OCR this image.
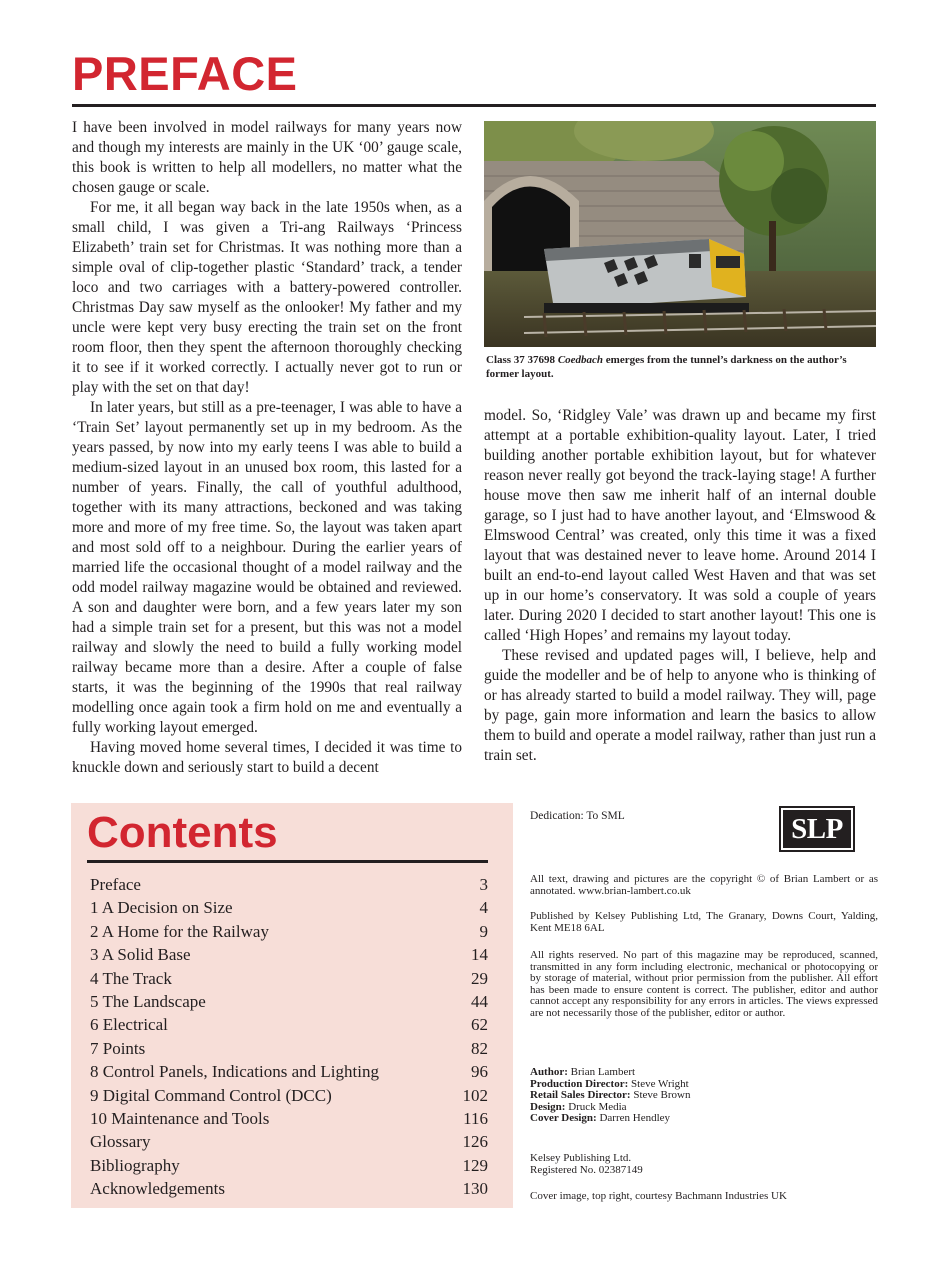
PREFACE

I have been involved in model railways for many years now and though my interests are mainly in the UK ‘00’ gauge scale, this book is written to help all modellers, no matter what the chosen gauge or scale.

For me, it all began way back in the late 1950s when, as a small child, I was given a Tri-ang Railways ‘Princess Elizabeth’ train set for Christmas. It was nothing more than a simple oval of clip-together plastic ‘Standard’ track, a tender loco and two carriages with a battery-powered controller. Christmas Day saw myself as the onlooker! My father and my uncle were kept very busy erecting the train set on the front room floor, then they spent the afternoon thoroughly checking it to see if it worked correctly. I actually never got to run or play with the set on that day!

In later years, but still as a pre-teenager, I was able to have a ‘Train Set’ layout permanently set up in my bedroom. As the years passed, by now into my early teens I was able to build a medium-sized layout in an unused box room, this lasted for a number of years. Finally, the call of youthful adulthood, together with its many attractions, beckoned and was taking more and more of my free time. So, the layout was taken apart and most sold off to a neighbour. During the earlier years of married life the occasional thought of a model railway and the odd model railway magazine would be obtained and reviewed. A son and daughter were born, and a few years later my son had a simple train set for a present, but this was not a model railway and slowly the need to build a fully working model railway became more than a desire. After a couple of false starts, it was the beginning of the 1990s that real railway modelling once again took a firm hold on me and eventually a fully working layout emerged.

Having moved home several times, I decided it was time to knuckle down and seriously start to build a decent

Class 37 37698 Coedbach emerges from the tunnel’s darkness on the author’s former layout.

model. So, ‘Ridgley Vale’ was drawn up and became my first attempt at a portable exhibition-quality layout. Later, I tried building another portable exhibition layout, but for whatever reason never really got beyond the track-laying stage! A further house move then saw me inherit half of an internal double garage, so I just had to have another layout, and ‘Elmswood & Elmswood Central’ was created, only this time it was a fixed layout that was destained never to leave home. Around 2014 I built an end-to-end layout called West Haven and that was set up in our home’s conservatory. It was sold a couple of years later. During 2020 I decided to start another layout! This one is called ‘High Hopes’ and remains my layout today.

These revised and updated pages will, I believe, help and guide the modeller and be of help to anyone who is thinking of or has already started to build a model railway. They will, page by page, gain more information and learn the basics to allow them to build and operate a model railway, rather than just run a train set.

Contents
Preface	3
1 A Decision on Size	4
2 A Home for the Railway	9
3 A Solid Base	14
4 The Track	29
5 The Landscape	44
6 Electrical	62
7 Points	82
8 Control Panels, Indications and Lighting	96
9 Digital Command Control (DCC)	102
10 Maintenance and Tools	116
Glossary	126
Bibliography	129
Acknowledgements	130
Dedication: To SML	SLP
All text, drawing and pictures are the copyright © of Brian Lambert or as annotated. www.brian-lambert.co.uk
Published by Kelsey Publishing Ltd, The Granary, Downs Court, Yalding, Kent ME18 6AL
All rights reserved. No part of this magazine may be reproduced, scanned, transmitted in any form including electronic, mechanical or photocopying or by storage of material, without prior permission from the publisher. All effort has been made to ensure content is correct. The publisher, editor and author cannot accept any responsibility for any errors in articles. The views expressed are not necessarily those of the publisher, editor or author.

Author: Brian Lambert

Production Director: Steve Wright

Retail Sales Director: Steve Brown

Design: Druck Media

Cover Design: Darren Hendley

Kelsey Publishing Ltd.

Registered No. 02387149

Cover image, top right, courtesy Bachmann Industries UK
